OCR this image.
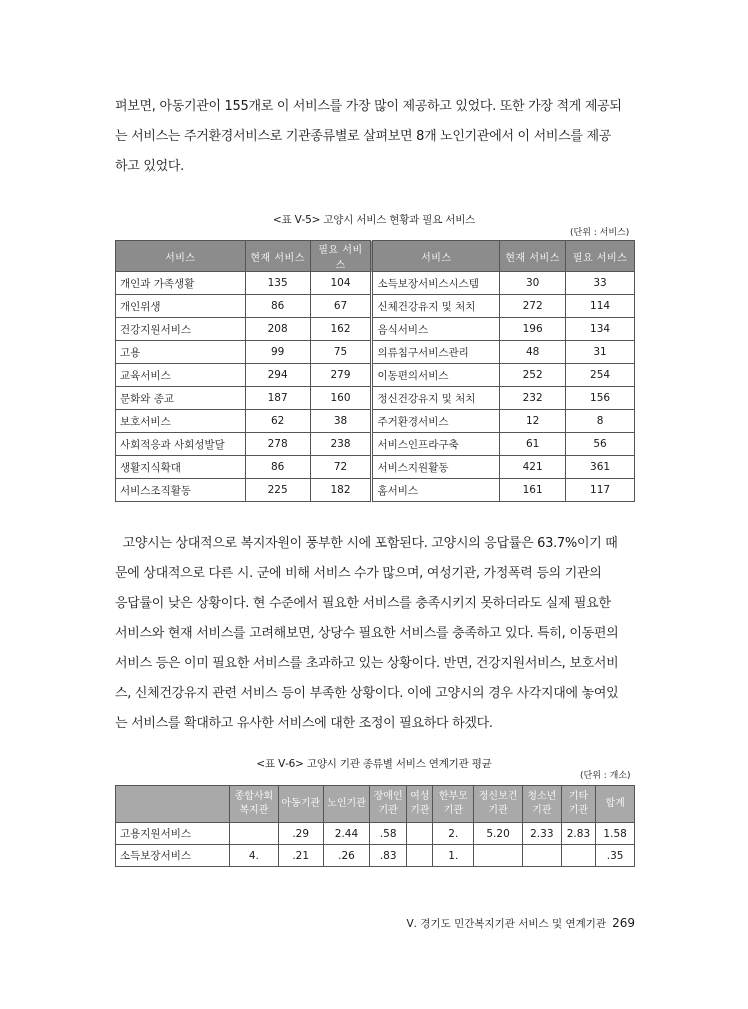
펴보면, 아동기관이 155개로 이 서비스를 가장 많이 제공하고 있었다. 또한 가장 적게 제공되
는 서비스는 주거환경서비스로 기관종류별로 살펴보면 8개 노인기관에서 이 서비스를 제공
하고 있었다.
<표 Ⅴ-5> 고양시 서비스 현황과 필요 서비스
(단위 : 서비스)
서비스	현재 서비스	필요 서비스	서비스	현재 서비스	필요 서비스
개인과 가족생활	135	104	소득보장서비스시스템	30	33
개인위생	86	67	신체건강유지 및 처치	272	114
건강지원서비스	208	162	음식서비스	196	134
고용	99	75	의류침구서비스관리	48	31
교육서비스	294	279	이동편의서비스	252	254
문화와 종교	187	160	정신건강유지 및 처치	232	156
보호서비스	62	38	주거환경서비스	12	8
사회적응과 사회성발달	278	238	서비스인프라구축	61	56
생활지식확대	86	72	서비스지원활동	421	361
서비스조직활동	225	182	홈서비스	161	117
고양시는 상대적으로 복지자원이 풍부한 시에 포함된다. 고양시의 응답률은 63.7%이기 때
문에 상대적으로 다른 시. 군에 비해 서비스 수가 많으며, 여성기관, 가정폭력 등의 기관의
응답률이 낮은 상황이다. 현 수준에서 필요한 서비스를 충족시키지 못하더라도 실제 필요한
서비스와 현재 서비스를 고려해보면, 상당수 필요한 서비스를 충족하고 있다. 특히, 이동편의
서비스 등은 이미 필요한 서비스를 초과하고 있는 상황이다. 반면, 건강지원서비스, 보호서비
스, 신체건강유지 관련 서비스 등이 부족한 상황이다. 이에 고양시의 경우 사각지대에 놓여있
는 서비스를 확대하고 유사한 서비스에 대한 조정이 필요하다 하겠다.
<표 Ⅴ-6> 고양시 기관 종류별 서비스 연계기관 평균
(단위 : 개소)
	종합사회 복지관	아동기관	노인기관	장애인 기관	여성 기관	한부모 기관	정신보건 기관	청소년 기관	기타 기관	합계
고용지원서비스		.29	2.44	.58		2.	5.20	2.33	2.83	1.58
소득보장서비스	4.	.21	.26	.83		1.				.35
Ⅴ. 경기도 민간복지기관 서비스 및 연계기관 269
